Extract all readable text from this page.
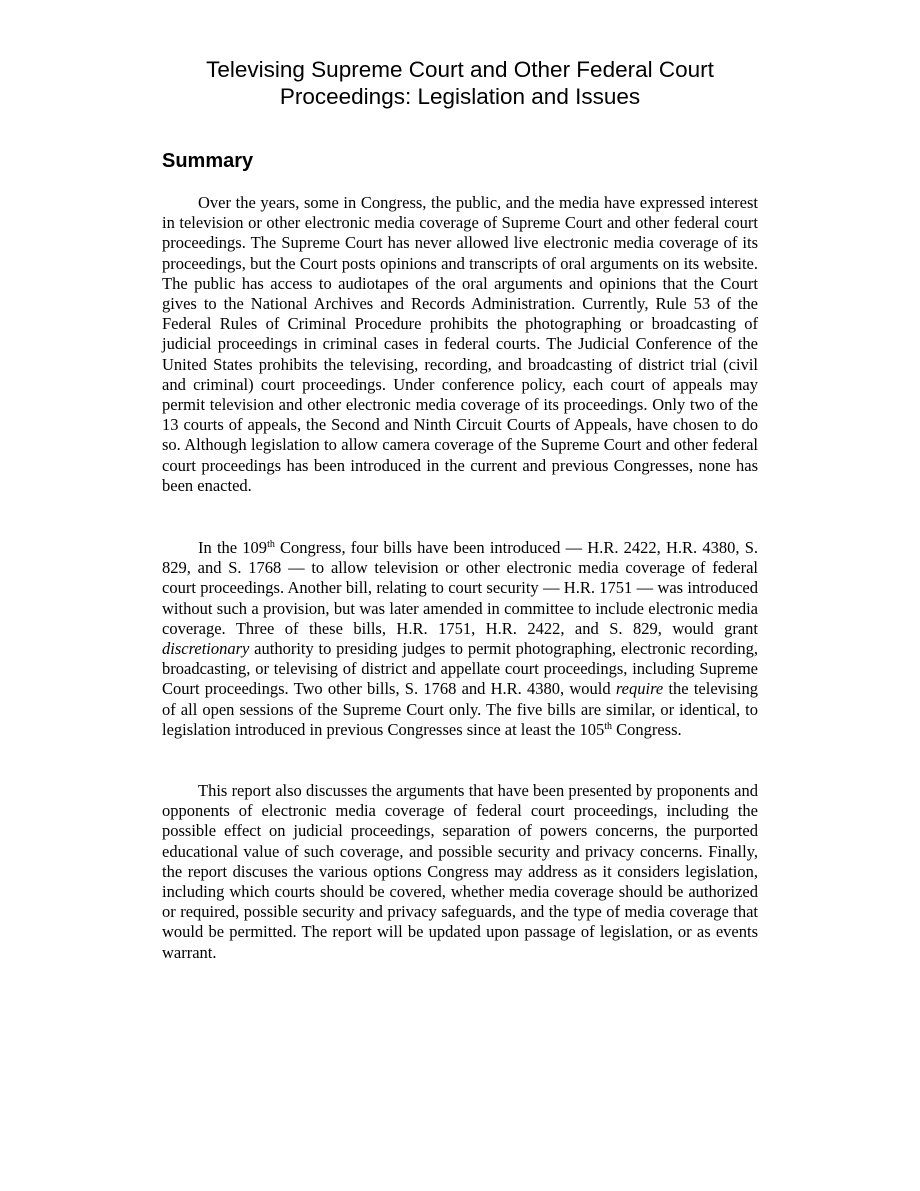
Televising Supreme Court and Other Federal Court
Proceedings: Legislation and Issues
Summary

Over the years, some in Congress, the public, and the media have expressed interest in television or other electronic media coverage of Supreme Court and other federal court proceedings. The Supreme Court has never allowed live electronic media coverage of its proceedings, but the Court posts opinions and transcripts of oral arguments on its website. The public has access to audiotapes of the oral arguments and opinions that the Court gives to the National Archives and Records Administration. Currently, Rule 53 of the Federal Rules of Criminal Procedure prohibits the photographing or broadcasting of judicial proceedings in criminal cases in federal courts. The Judicial Conference of the United States prohibits the televising, recording, and broadcasting of district trial (civil and criminal) court proceedings. Under conference policy, each court of appeals may permit television and other electronic media coverage of its proceedings. Only two of the 13 courts of appeals, the Second and Ninth Circuit Courts of Appeals, have chosen to do so. Although legislation to allow camera coverage of the Supreme Court and other federal court proceedings has been introduced in the current and previous Congresses, none has been enacted.

In the 109th Congress, four bills have been introduced — H.R. 2422, H.R. 4380, S. 829, and S. 1768 — to allow television or other electronic media coverage of federal court proceedings. Another bill, relating to court security — H.R. 1751 — was introduced without such a provision, but was later amended in committee to include electronic media coverage. Three of these bills, H.R. 1751, H.R. 2422, and S. 829, would grant discretionary authority to presiding judges to permit photographing, electronic recording, broadcasting, or televising of district and appellate court proceedings, including Supreme Court proceedings. Two other bills, S. 1768 and H.R. 4380, would require the televising of all open sessions of the Supreme Court only. The five bills are similar, or identical, to legislation introduced in previous Congresses since at least the 105th Congress.

This report also discusses the arguments that have been presented by proponents and opponents of electronic media coverage of federal court proceedings, including the possible effect on judicial proceedings, separation of powers concerns, the purported educational value of such coverage, and possible security and privacy concerns. Finally, the report discuses the various options Congress may address as it considers legislation, including which courts should be covered, whether media coverage should be authorized or required, possible security and privacy safeguards, and the type of media coverage that would be permitted. The report will be updated upon passage of legislation, or as events warrant.
